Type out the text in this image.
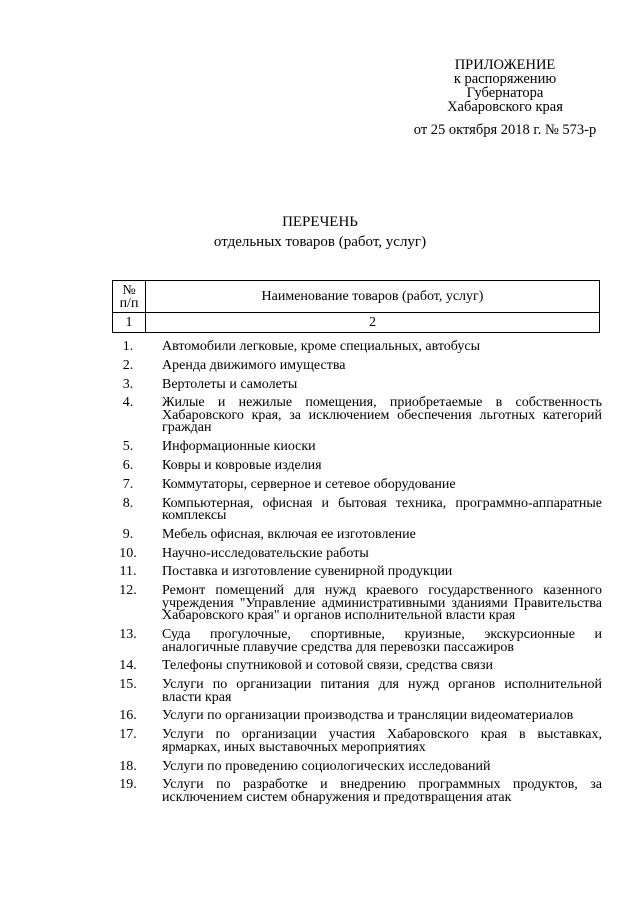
ПРИЛОЖЕНИЕ
к распоряжению
Губернатора
Хабаровского края
от 25 октября 2018 г. № 573-р
ПЕРЕЧЕНЬ
отдельных товаров (работ, услуг)
№
п/п	Наименование товаров (работ, услуг)
1	2
1.	Автомобили легковые, кроме специальных, автобусы
2.	Аренда движимого имущества
3.	Вертолеты и самолеты
4.	Жилые и нежилые помещения, приобретаемые в собственность Хабаровского края, за исключением обеспечения льготных категорий граждан
5.	Информационные киоски
6.	Ковры и ковровые изделия
7.	Коммутаторы, серверное и сетевое оборудование
8.	Компьютерная, офисная и бытовая техника, программно-аппаратные комплексы
9.	Мебель офисная, включая ее изготовление
10.	Научно-исследовательские работы
11.	Поставка и изготовление сувенирной продукции
12.	Ремонт помещений для нужд краевого государственного казенного учреждения "Управление административными зданиями Правительства Хабаровского края" и органов исполнительной власти края
13.	Суда прогулочные, спортивные, круизные, экскурсионные и аналогичные плавучие средства для перевозки пассажиров
14.	Телефоны спутниковой и сотовой связи, средства связи
15.	Услуги по организации питания для нужд органов исполнительной власти края
16.	Услуги по организации производства и трансляции видеоматериалов
17.	Услуги по организации участия Хабаровского края в выставках, ярмарках, иных выставочных мероприятиях
18.	Услуги по проведению социологических исследований
19.	Услуги по разработке и внедрению программных продуктов, за исключением систем обнаружения и предотвращения атак
